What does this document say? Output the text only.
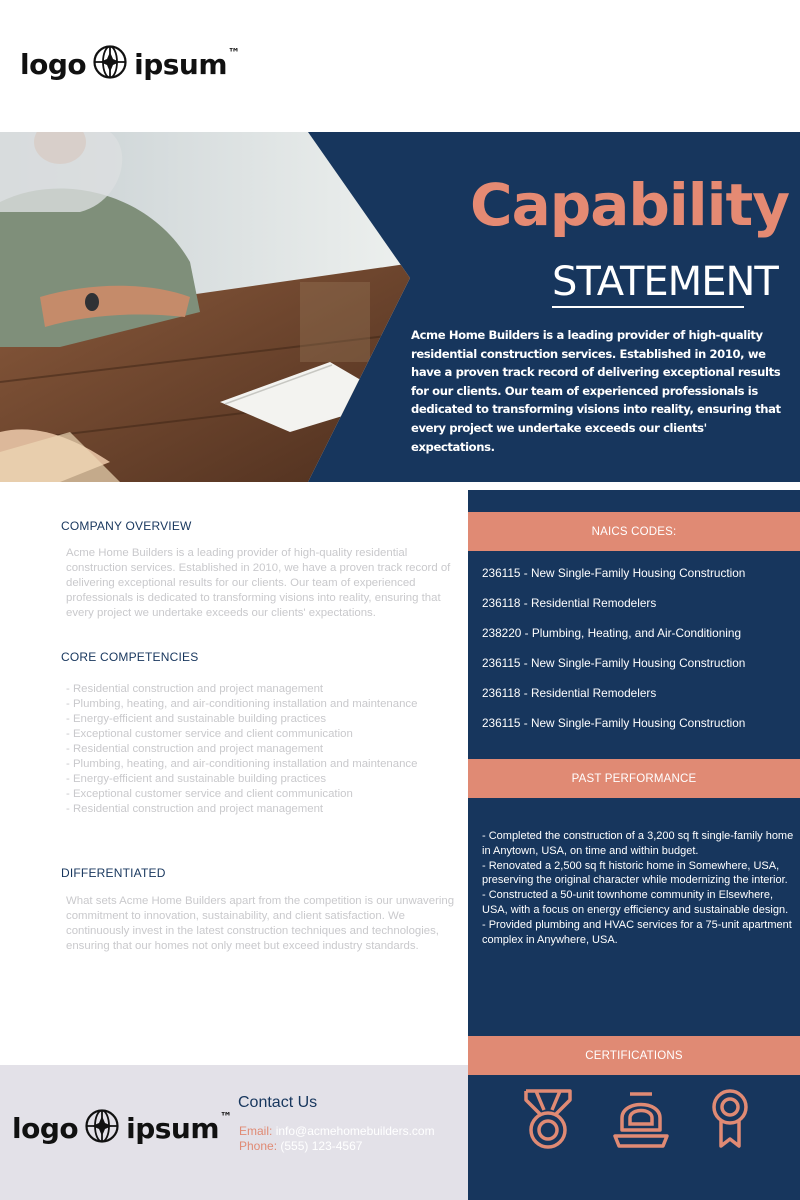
logo ipsum ™
Capability
STATEMENT
Acme Home Builders is a leading provider of high-quality residential construction services. Established in 2010, we have a proven track record of delivering exceptional results for our clients. Our team of experienced professionals is dedicated to transforming visions into reality, ensuring that every project we undertake exceeds our clients' expectations.
COMPANY OVERVIEW
Acme Home Builders is a leading provider of high-quality residential construction services. Established in 2010, we have a proven track record of delivering exceptional results for our clients. Our team of experienced professionals is dedicated to transforming visions into reality, ensuring that every project we undertake exceeds our clients' expectations.
CORE COMPETENCIES
- Residential construction and project management
- Plumbing, heating, and air-conditioning installation and maintenance
- Energy-efficient and sustainable building practices
- Exceptional customer service and client communication
- Residential construction and project management
- Plumbing, heating, and air-conditioning installation and maintenance
- Energy-efficient and sustainable building practices
- Exceptional customer service and client communication
- Residential construction and project management
DIFFERENTIATED
What sets Acme Home Builders apart from the competition is our unwavering commitment to innovation, sustainability, and client satisfaction. We continuously invest in the latest construction techniques and technologies, ensuring that our homes not only meet but exceed industry standards.
NAICS CODES:
236115 - New Single-Family Housing Construction
236118 - Residential Remodelers
238220 - Plumbing, Heating, and Air-Conditioning
236115 - New Single-Family Housing Construction
236118 - Residential Remodelers
236115 - New Single-Family Housing Construction
PAST PERFORMANCE
- Completed the construction of a 3,200 sq ft single-family home in Anytown, USA, on time and within budget.
- Renovated a 2,500 sq ft historic home in Somewhere, USA, preserving the original character while modernizing the interior.
- Constructed a 50-unit townhome community in Elsewhere, USA, with a focus on energy efficiency and sustainable design.
- Provided plumbing and HVAC services for a 75-unit apartment complex in Anywhere, USA.
CERTIFICATIONS
logo ipsum ™
Contact Us
Email: info@acmehomebuilders.com
Phone: (555) 123-4567
